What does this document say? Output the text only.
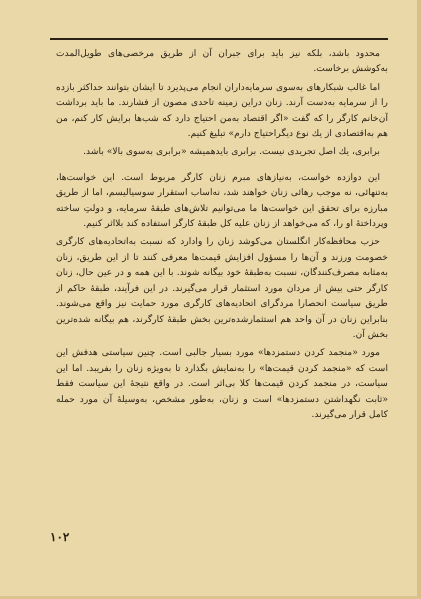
محدود باشد، بلکه نیز باید برای جبران آن از طریق مرخصی‌های طویل‌المدت به‌کوشش برخاست.

اما غالب شبکارهای به‌سوی سرمایه‌داران انجام می‌پذیرد تا ایشان بتوانند حداکثر بازده را از سرمایه به‌دست آرند. زنان دراین زمینه تاحدی مصون از فشارند. ما باید برداشت آن‌خانم کارگر را که گفت «اگر اقتصاد به‌من احتیاج دارد که شب‌ها برایش کار کنم، من هم به‌اقتصادی از یك نوع دیگراحتیاج دارم» تبلیغ کنیم.

برابری، یك اصل تجریدی نیست. برابری بایدهمیشه «برابری به‌سوی بالا» باشد.

این دوازده خواست، به‌نیازهای مبرم زنان کارگر مربوط است. این خواست‌ها، به‌تنهائی، نه موجب رهائی زنان خواهند شد، نه‌اساب استقرار سوسیالیسم، اما از طریق مبارزه برای تحقق این خواست‌ها ما می‌توانیم تلاش‌های طبقهٔ سرمایه، و دولتِ ساخته وپرداختهٔ او را، که می‌خواهد از زنان علیه کل طبقهٔ کارگر استفاده کند بلااثر کنیم.

حزب محافظه‌کار انگلستان می‌کوشد زنان را وادارد که نسبت به‌اتحادیه‌های کارگری خصومت ورزند و آن‌ها را مسؤول افزایش قیمت‌ها معرفی کنند تا از این طریق، زنان به‌مثابه مصرف‌کنندگان، نسبت به‌طبقهٔ خود بیگانه شوند. با این همه و در عین حال، زنان کارگر حتی بیش از مردان مورد استثمار قرار می‌گیرند. در این فرآیند، طبقهٔ حاکم از طریق سیاست انحصارا مردگرای اتحادیه‌های کارگری مورد حمایت نیز واقع می‌شوند. بنابراین زنان در آن واحد هم استثمارشده‌ترین بخش طبقهٔ کارگرند، هم بیگانه شده‌ترین بخش آن.

مورد «منجمد کردن دستمزدها» مورد بسیار جالبی است. چنین سیاستی هدفش این است که «منجمد کردن قیمت‌ها» را به‌نمایش بگذارد تا به‌ویژه زنان را بفریبد. اما این سیاست، در منجمد کردن قیمت‌ها کلا بی‌اثر است. در واقع نتیجهٔ این سیاست فقط «ثابت نگهداشتن دستمزدها» است و زنان، به‌طور مشخص، به‌وسیلهٔ آن مورد حمله کامل قرار می‌گیرند.

۱۰۲
